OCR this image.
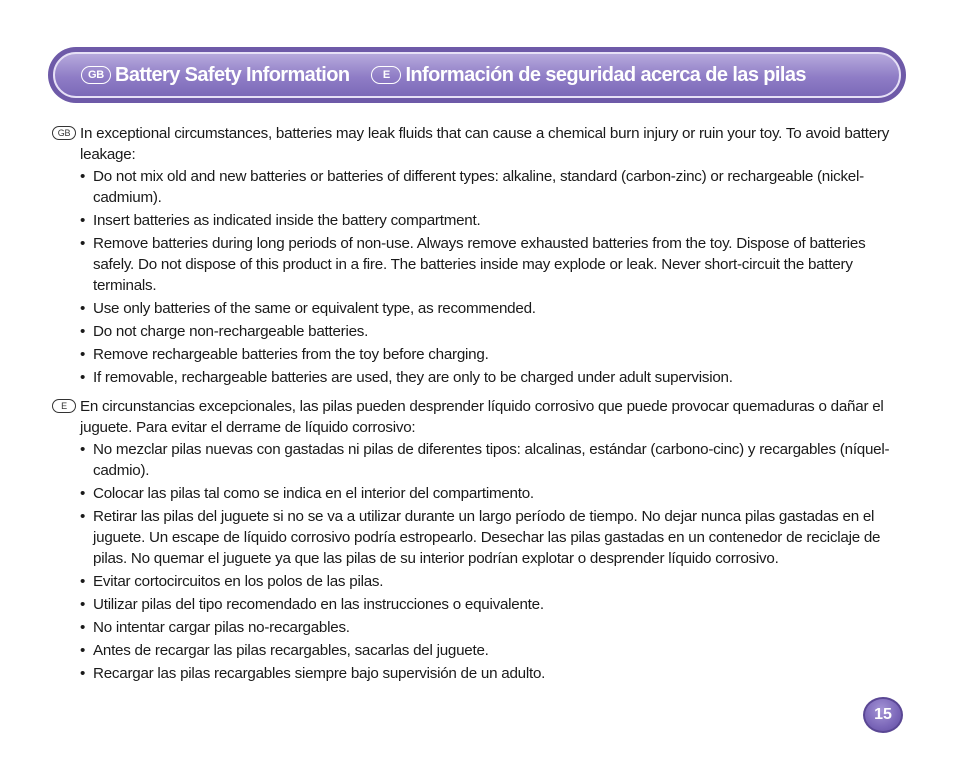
GB Battery Safety Information	E Información de seguridad acerca de las pilas
GB In exceptional circumstances, batteries may leak fluids that can cause a chemical burn injury or ruin your toy. To avoid battery leakage:

• Do not mix old and new batteries or batteries of different types: alkaline, standard (carbon-zinc) or rechargeable (nickel-cadmium).
• Insert batteries as indicated inside the battery compartment.
• Remove batteries during long periods of non-use. Always remove exhausted batteries from the toy. Dispose of batteries safely. Do not dispose of this product in a fire. The batteries inside may explode or leak. Never short-circuit the battery terminals.
• Use only batteries of the same or equivalent type, as recommended.
• Do not charge non-rechargeable batteries.
• Remove rechargeable batteries from the toy before charging.
• If removable, rechargeable batteries are used, they are only to be charged under adult supervision.
E En circunstancias excepcionales, las pilas pueden desprender líquido corrosivo que puede provocar quemaduras o dañar el juguete. Para evitar el derrame de líquido corrosivo:

• No mezclar pilas nuevas con gastadas ni pilas de diferentes tipos: alcalinas, estándar (carbono-cinc) y recargables (níquel-cadmio).
• Colocar las pilas tal como se indica en el interior del compartimento.
• Retirar las pilas del juguete si no se va a utilizar durante un largo período de tiempo. No dejar nunca pilas gastadas en el juguete. Un escape de líquido corrosivo podría estropearlo. Desechar las pilas gastadas en un contenedor de reciclaje de pilas. No quemar el juguete ya que las pilas de su interior podrían explotar o desprender líquido corrosivo.
• Evitar cortocircuitos en los polos de las pilas.
• Utilizar pilas del tipo recomendado en las instrucciones o equivalente.
• No intentar cargar pilas no-recargables.
• Antes de recargar las pilas recargables, sacarlas del juguete.
• Recargar las pilas recargables siempre bajo supervisión de un adulto.
15
